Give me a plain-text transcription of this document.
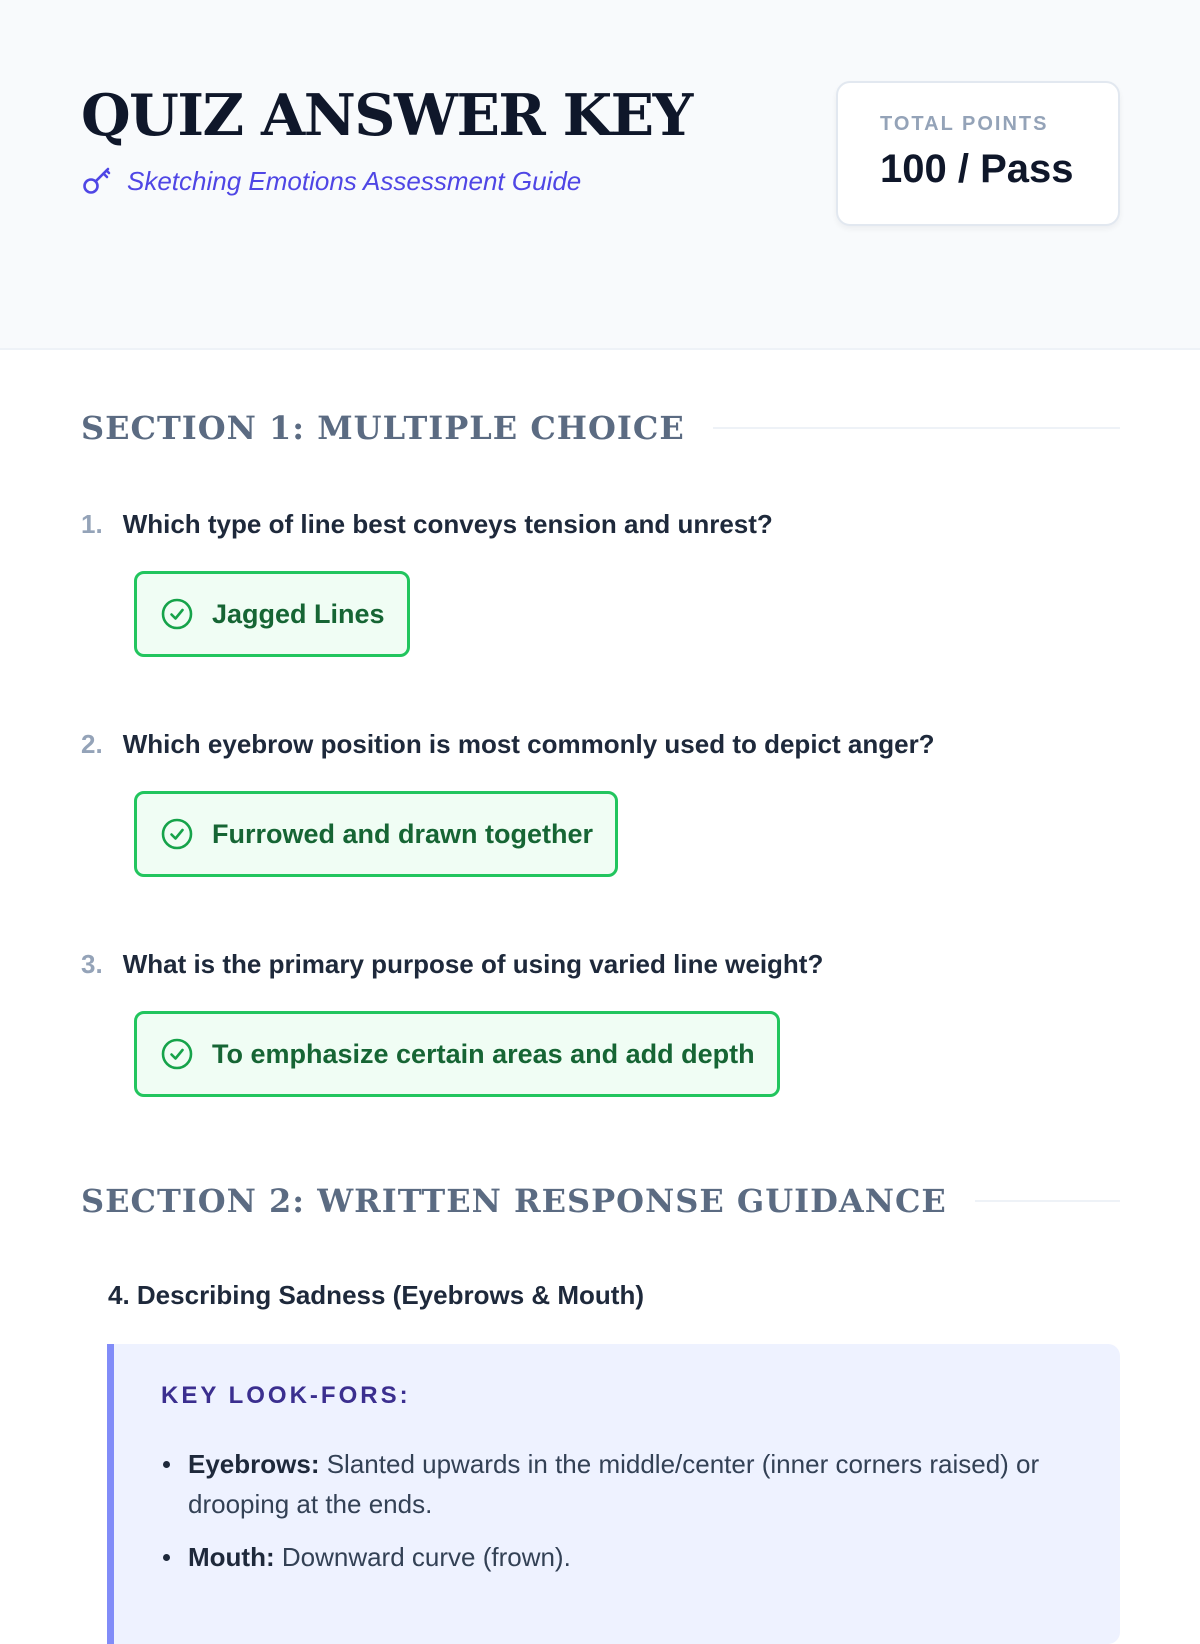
QUIZ ANSWER KEY
Sketching Emotions Assessment Guide
TOTAL POINTS
100 / Pass
SECTION 1: MULTIPLE CHOICE
1. Which type of line best conveys tension and unrest?
Jagged Lines
2. Which eyebrow position is most commonly used to depict anger?
Furrowed and drawn together
3. What is the primary purpose of using varied line weight?
To emphasize certain areas and add depth
SECTION 2: WRITTEN RESPONSE GUIDANCE
4. Describing Sadness (Eyebrows & Mouth)
KEY LOOK-FORS:
Eyebrows: Slanted upwards in the middle/center (inner corners raised) or drooping at the ends.
Mouth: Downward curve (frown).
